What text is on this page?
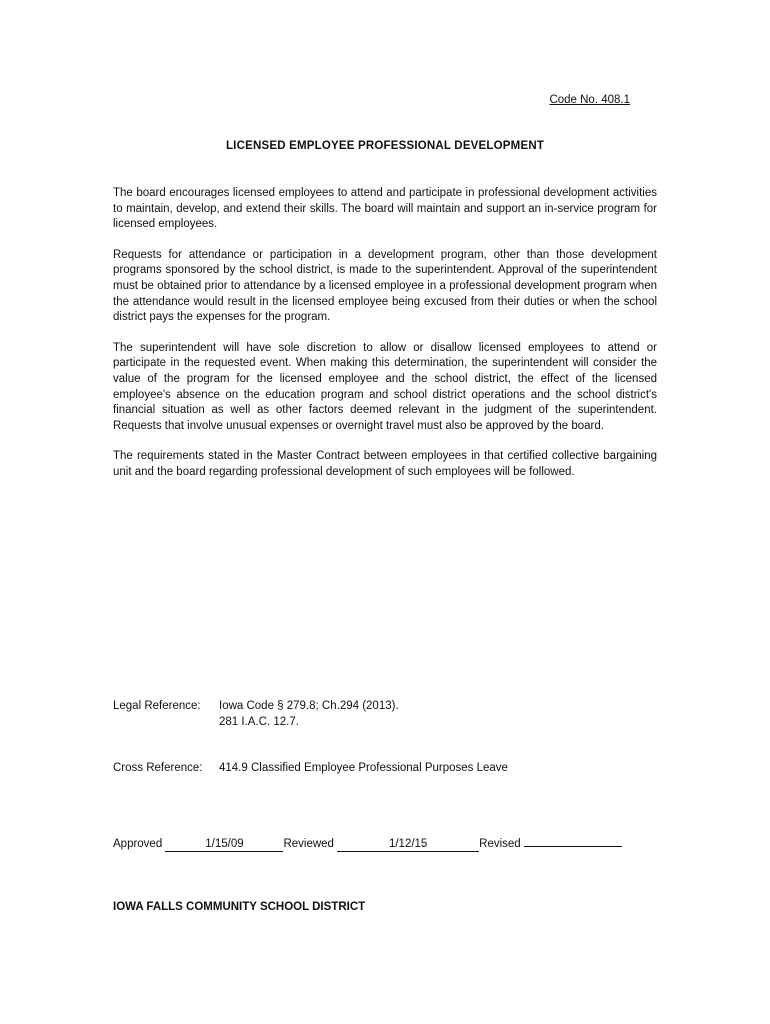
Code No. 408.1
LICENSED EMPLOYEE PROFESSIONAL DEVELOPMENT

The board encourages licensed employees to attend and participate in professional development activities to maintain, develop, and extend their skills. The board will maintain and support an in-service program for licensed employees.

Requests for attendance or participation in a development program, other than those development programs sponsored by the school district, is made to the superintendent. Approval of the superintendent must be obtained prior to attendance by a licensed employee in a professional development program when the attendance would result in the licensed employee being excused from their duties or when the school district pays the expenses for the program.

The superintendent will have sole discretion to allow or disallow licensed employees to attend or participate in the requested event. When making this determination, the superintendent will consider the value of the program for the licensed employee and the school district, the effect of the licensed employee's absence on the education program and school district operations and the school district's financial situation as well as other factors deemed relevant in the judgment of the superintendent. Requests that involve unusual expenses or overnight travel must also be approved by the board.

The requirements stated in the Master Contract between employees in that certified collective bargaining unit and the board regarding professional development of such employees will be followed.

Legal Reference: Iowa Code § 279.8; Ch.294 (2013).
281 I.A.C. 12.7.
Cross Reference: 414.9 Classified Employee Professional Purposes Leave
Approved	1/15/09	Reviewed	1/12/15	Revised
IOWA FALLS COMMUNITY SCHOOL DISTRICT
